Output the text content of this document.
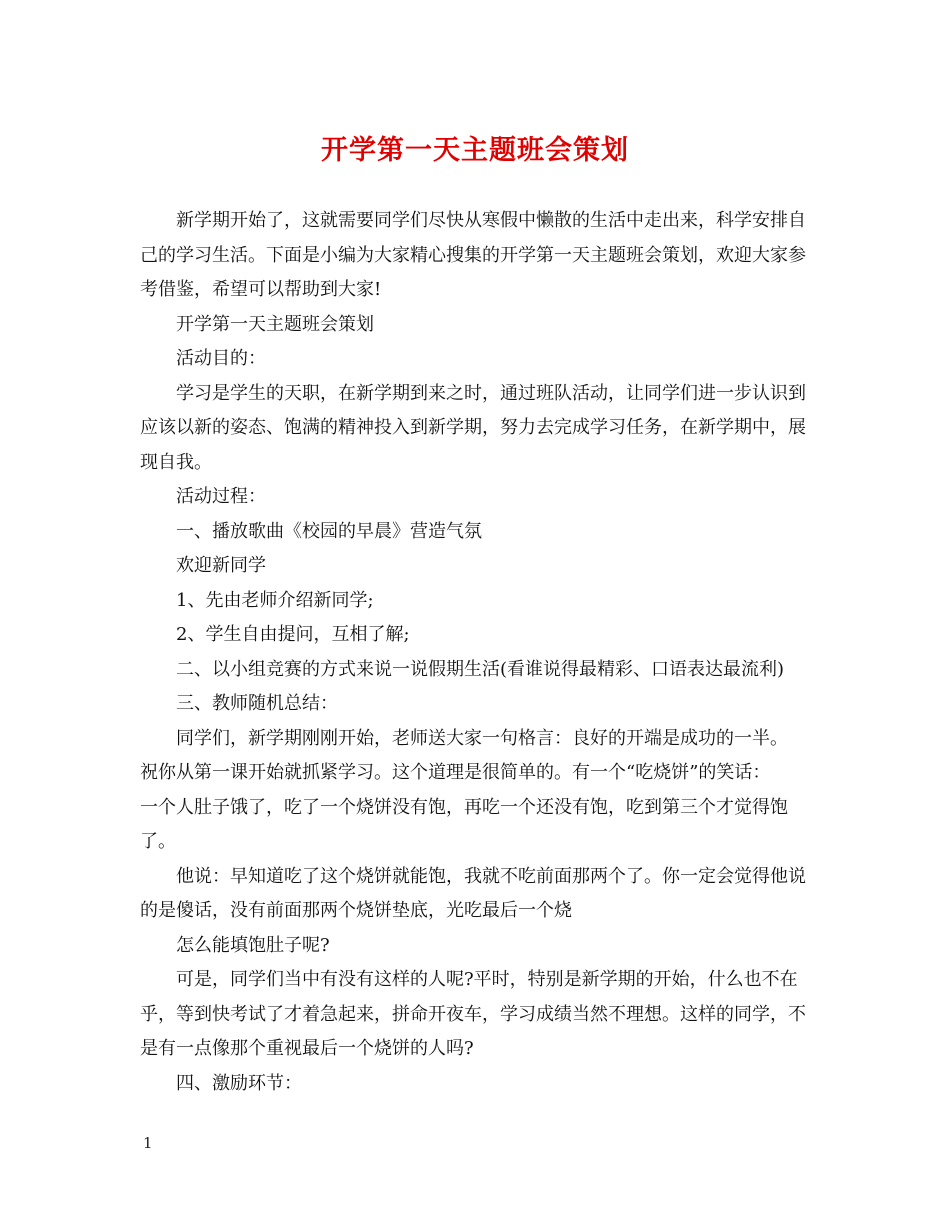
开学第一天主题班会策划

新学期开始了，这就需要同学们尽快从寒假中懒散的生活中走出来，科学安排自己的学习生活。下面是小编为大家精心搜集的开学第一天主题班会策划，欢迎大家参考借鉴，希望可以帮助到大家!

开学第一天主题班会策划

活动目的：

学习是学生的天职，在新学期到来之时，通过班队活动，让同学们进一步认识到应该以新的姿态、饱满的精神投入到新学期，努力去完成学习任务，在新学期中，展现自我。

活动过程：

一、播放歌曲《校园的早晨》营造气氛

欢迎新同学

1、先由老师介绍新同学;

2、学生自由提问，互相了解;

二、以小组竞赛的方式来说一说假期生活(看谁说得最精彩、口语表达最流利)

三、教师随机总结：

同学们，新学期刚刚开始，老师送大家一句格言：良好的开端是成功的一半。

祝你从第一课开始就抓紧学习。这个道理是很简单的。有一个“吃烧饼”的笑话：

一个人肚子饿了，吃了一个烧饼没有饱，再吃一个还没有饱，吃到第三个才觉得饱了。

他说：早知道吃了这个烧饼就能饱，我就不吃前面那两个了。你一定会觉得他说的是傻话，没有前面那两个烧饼垫底，光吃最后一个烧

怎么能填饱肚子呢?

可是，同学们当中有没有这样的人呢?平时，特别是新学期的开始，什么也不在乎，等到快考试了才着急起来，拼命开夜车，学习成绩当然不理想。这样的同学，不是有一点像那个重视最后一个烧饼的人吗?

四、激励环节：

1
